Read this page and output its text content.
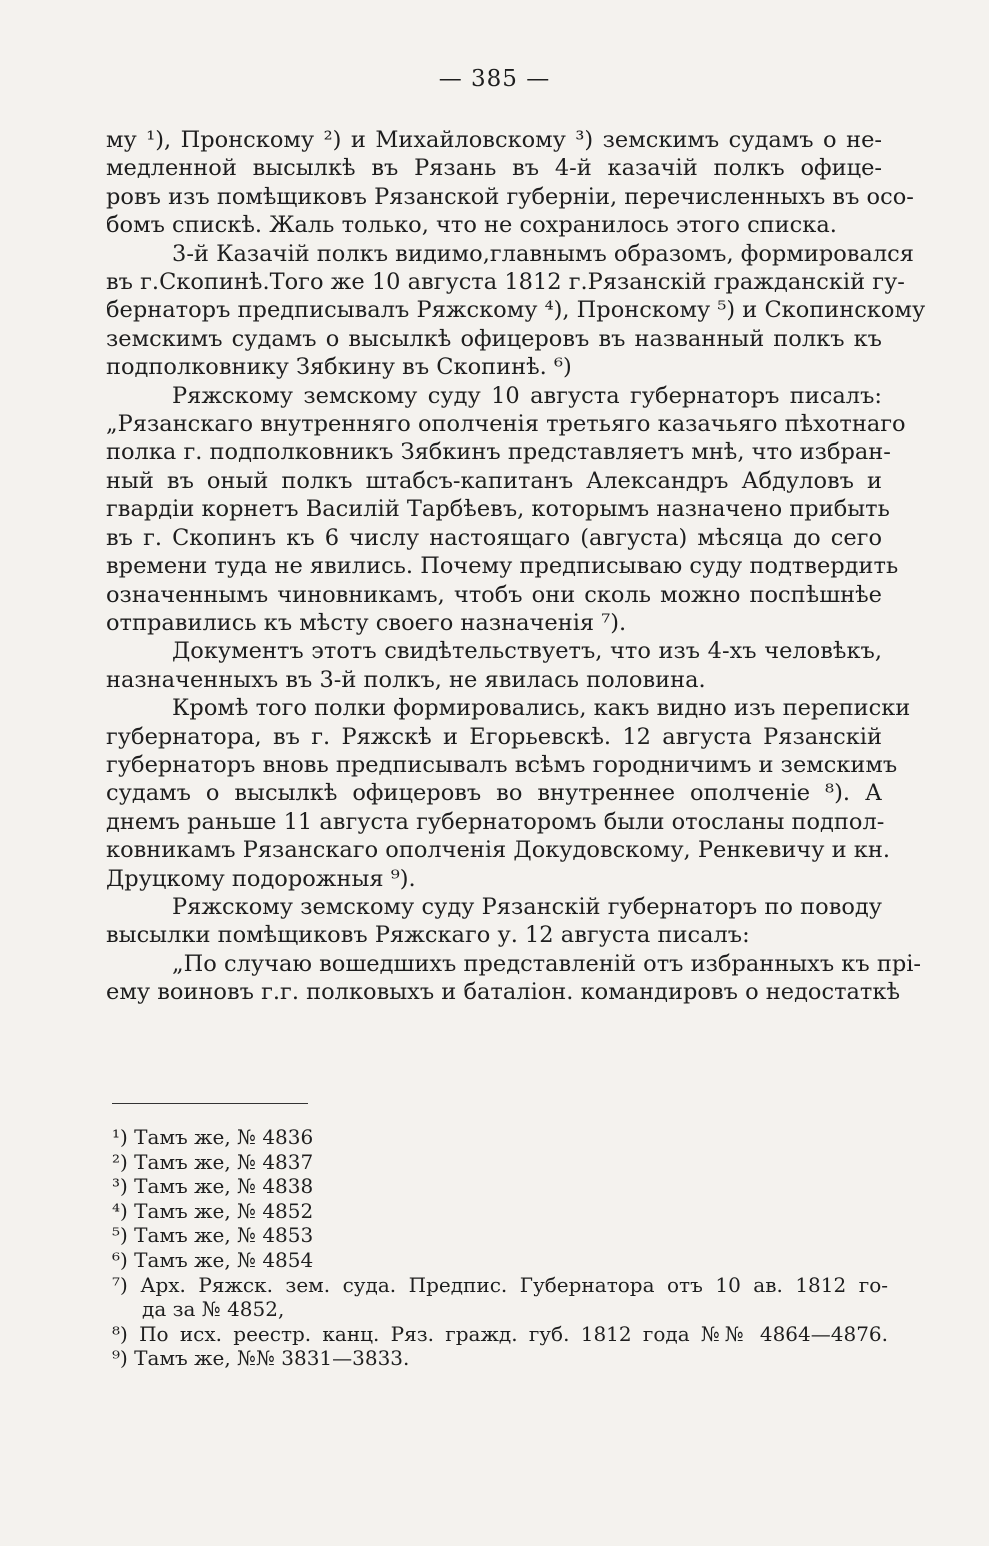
— 385 —
му ¹), Пронскому ²) и Михайловскому ³) земскимъ судамъ о не-
медленной высылкѣ въ Рязань въ 4-й казачій полкъ офице-
ровъ изъ помѣщиковъ Рязанской губерніи, перечисленныхъ въ осо-
бомъ спискѣ. Жаль только, что не сохранилось этого списка.
3-й Казачій полкъ видимо,главнымъ образомъ, формировался
въ г.Скопинѣ.Того же 10 августа 1812 г.Рязанскій гражданскій гу-
бернаторъ предписывалъ Ряжскому ⁴), Пронскому ⁵) и Скопинскому
земскимъ судамъ о высылкѣ офицеровъ въ названный полкъ къ
подполковнику Зябкину въ Скопинѣ. ⁶)
Ряжскому земскому суду 10 августа губернаторъ писалъ:
„Рязанскаго внутренняго ополченія третьяго казачьяго пѣхотнаго
полка г. подполковникъ Зябкинъ представляетъ мнѣ, что избран-
ный въ оный полкъ штабсъ-капитанъ Александръ Абдуловъ и
гвардіи корнетъ Василій Тарбѣевъ, которымъ назначено прибыть
въ г. Скопинъ къ 6 числу настоящаго (августа) мѣсяца до сего
времени туда не явились. Почему предписываю суду подтвердить
означеннымъ чиновникамъ, чтобъ они сколь можно поспѣшнѣе
отправились къ мѣсту своего назначенія ⁷).
Документъ этотъ свидѣтельствуетъ, что изъ 4-хъ человѣкъ,
назначенныхъ въ 3-й полкъ, не явилась половина.
Кромѣ того полки формировались, какъ видно изъ переписки
губернатора, въ г. Ряжскѣ и Егорьевскѣ. 12 августа Рязанскій
губернаторъ вновь предписывалъ всѣмъ городничимъ и земскимъ
судамъ о высылкѣ офицеровъ во внутреннее ополченіе ⁸). А
днемъ раньше 11 августа губернаторомъ были отосланы подпол-
ковникамъ Рязанскаго ополченія Докудовскому, Ренкевичу и кн.
Друцкому подорожныя ⁹).
Ряжскому земскому суду Рязанскій губернаторъ по поводу
высылки помѣщиковъ Ряжскаго у. 12 августа писалъ:
„По случаю вошедшихъ представленій отъ избранныхъ къ прі-
ему воиновъ г.г. полковыхъ и баталіон. командировъ о недостаткѣ
¹) Тамъ же, № 4836
²) Тамъ же, № 4837
³) Тамъ же, № 4838
⁴) Тамъ же, № 4852
⁵) Тамъ же, № 4853
⁶) Тамъ же, № 4854
⁷) Арх. Ряжск. зем. суда. Предпис. Губернатора отъ 10 ав. 1812 го-
да за № 4852,
⁸) По исх. реестр. канц. Ряз. гражд. губ. 1812 года №№ 4864—4876.
⁹) Тамъ же, №№ 3831—3833.
